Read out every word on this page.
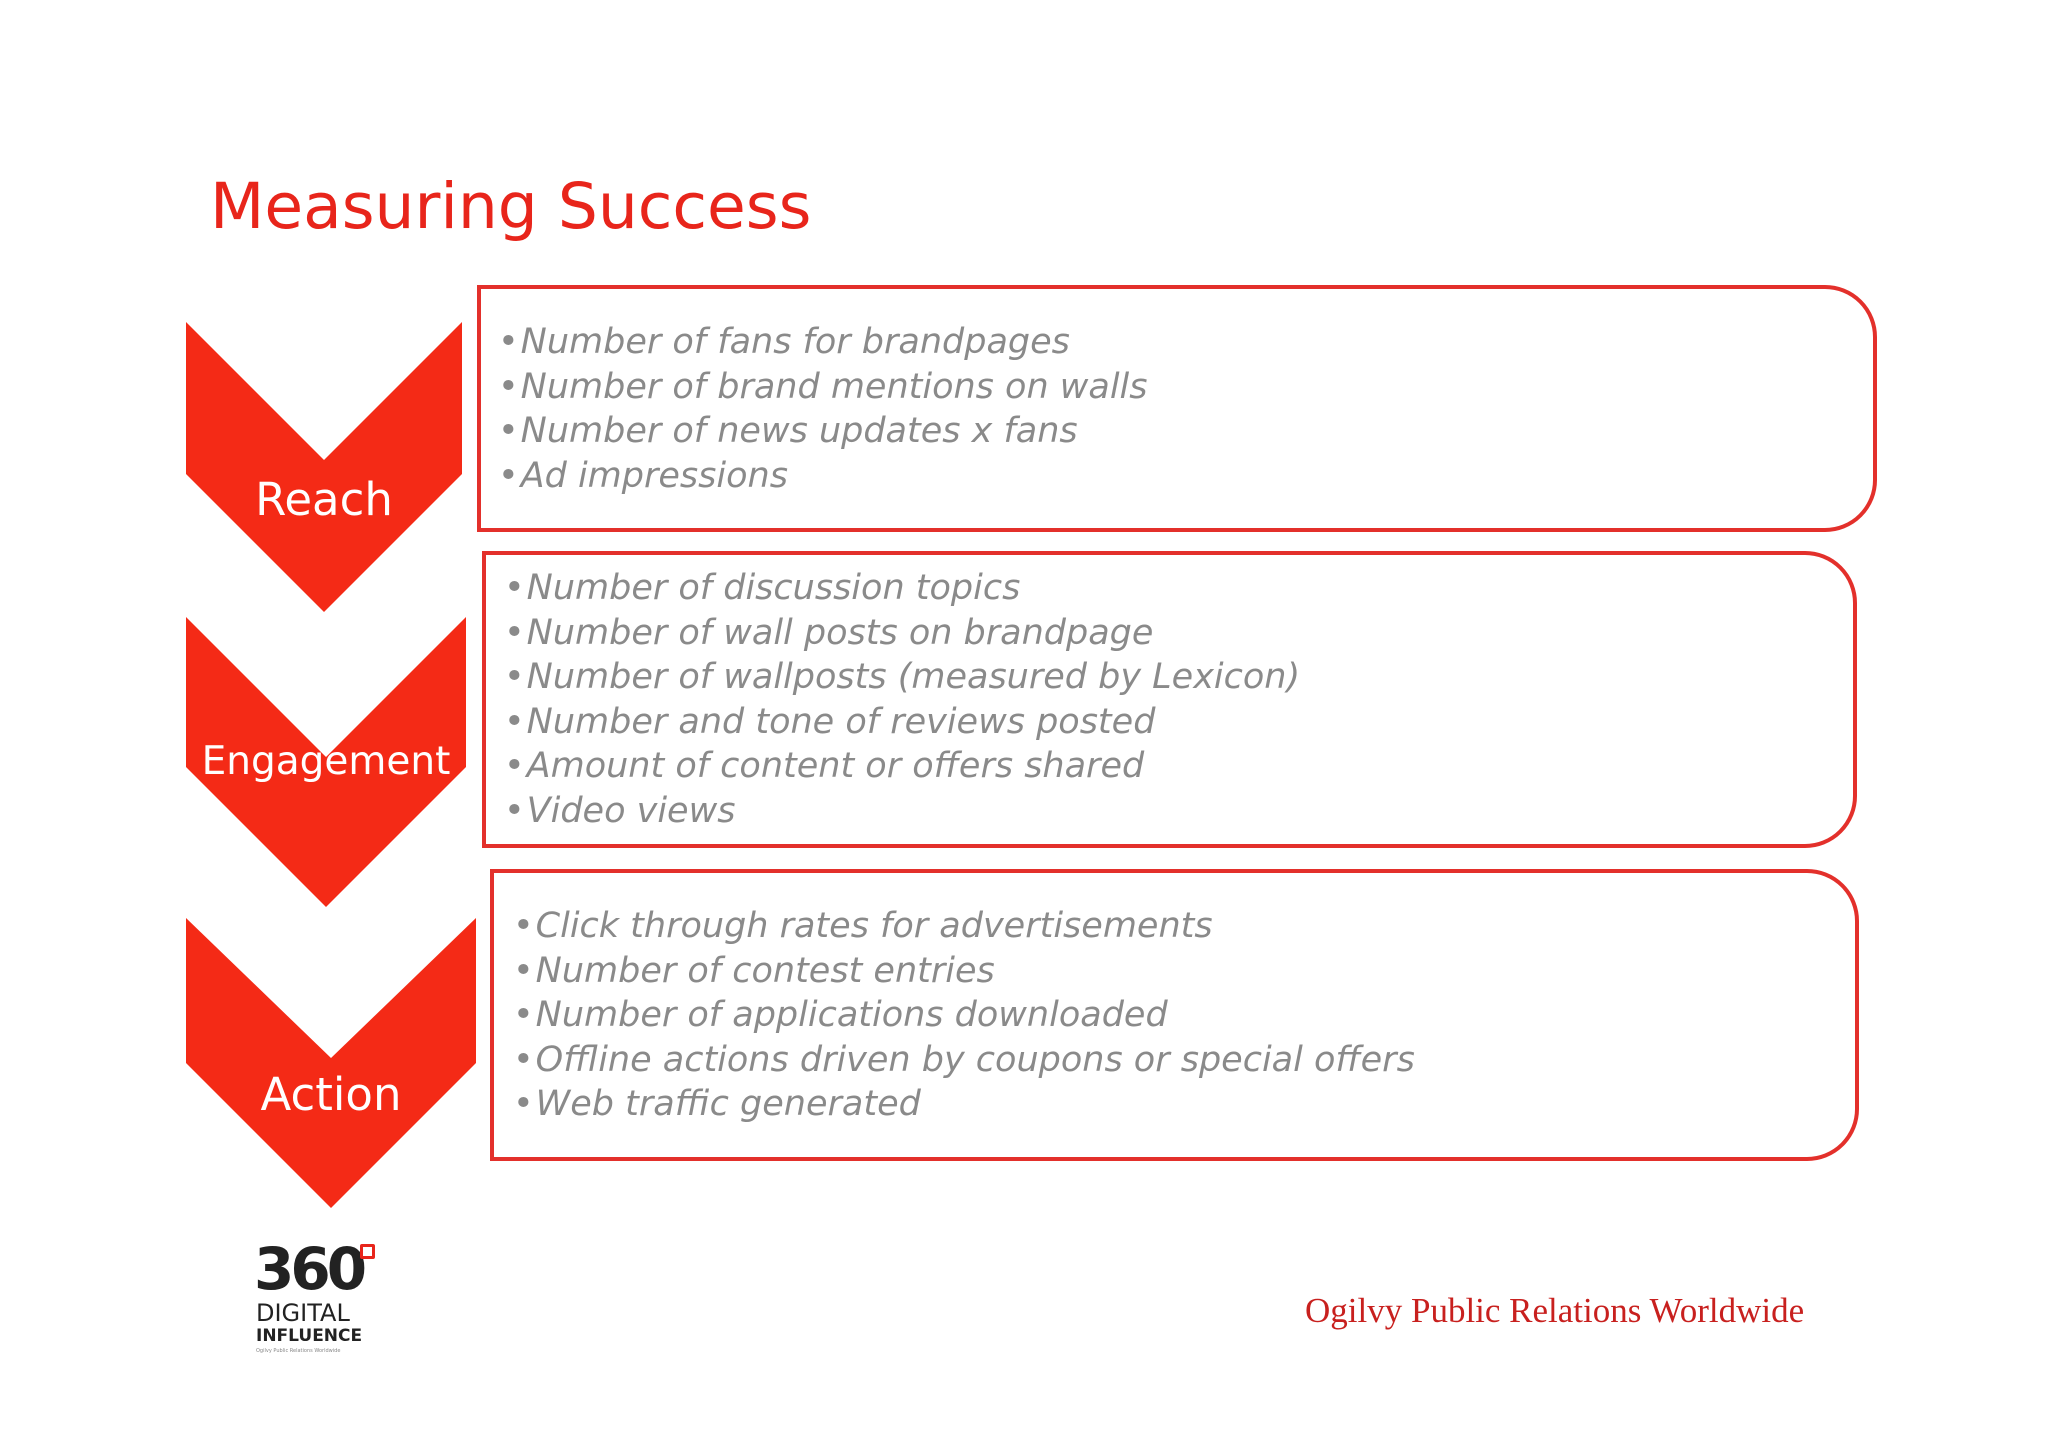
Measuring Success
Reach
• Number of fans for brandpages
• Number of brand mentions on walls
• Number of news updates x fans
• Ad impressions
Engagement
• Number of discussion topics
• Number of wall posts on brandpage
• Number of wallposts (measured by Lexicon)
• Number and tone of reviews posted
• Amount of content or offers shared
• Video views
Action
• Click through rates for advertisements
• Number of contest entries
• Number of applications downloaded
• Offline actions driven by coupons or special offers
• Web traffic generated
360
DIGITAL
INFLUENCE
Ogilvy Public Relations Worldwide
Ogilvy Public Relations Worldwide
